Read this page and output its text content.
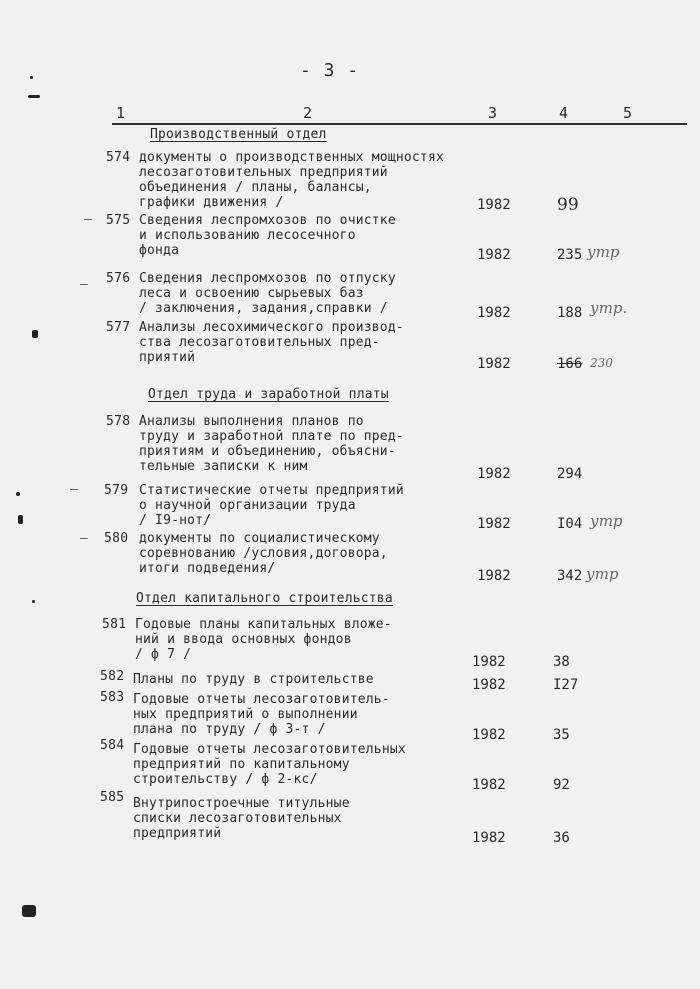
- 3 -
1	2	3	4	5
Производственный отдел
574 документы о производственных мощностях
лесозаготовительных предприятий
объединения / планы, балансы,
графики движения /	1982	99
— 575 Сведения леспромхозов по очистке
и использованию лесосечного
фонда	1982	235 утр
— 576 Сведения леспромхозов по отпуску
леса и освоению сырьевых баз
/ заключения, задания,справки /	1982	188 утр.
577 Анализы лесохимического производ-
ства лесозаготовительных пред-
приятий	1982	166 230
Отдел труда и заработной платы
578 Анализы выполнения планов по
труду и заработной плате по пред-
приятиям и объединению, объясни-
тельные записки к ним	1982	294
— 579 Статистические отчеты предприятий
о научной организации труда
/ I9-нот/	1982	I04 утр
— 580 документы по социалистическому
соревнованию /условия,договора,
итоги подведения/	1982	342 утр
Отдел капитального строительства
581 Годовые планы капитальных вложе-
ний и ввода основных фондов
/ ф 7 /	1982	38
582 Планы по труду в строительстве	1982	I27
583 Годовые отчеты лесозаготовитель-
ных предприятий о выполнении
плана по труду / ф 3-т /	1982	35
584 Годовые отчеты лесозаготовительных
предприятий по капитальному
строительству / ф 2-кс/	1982	92
585 Внутрипостроечные титульные
списки лесозаготовительных
предприятий	1982	36
